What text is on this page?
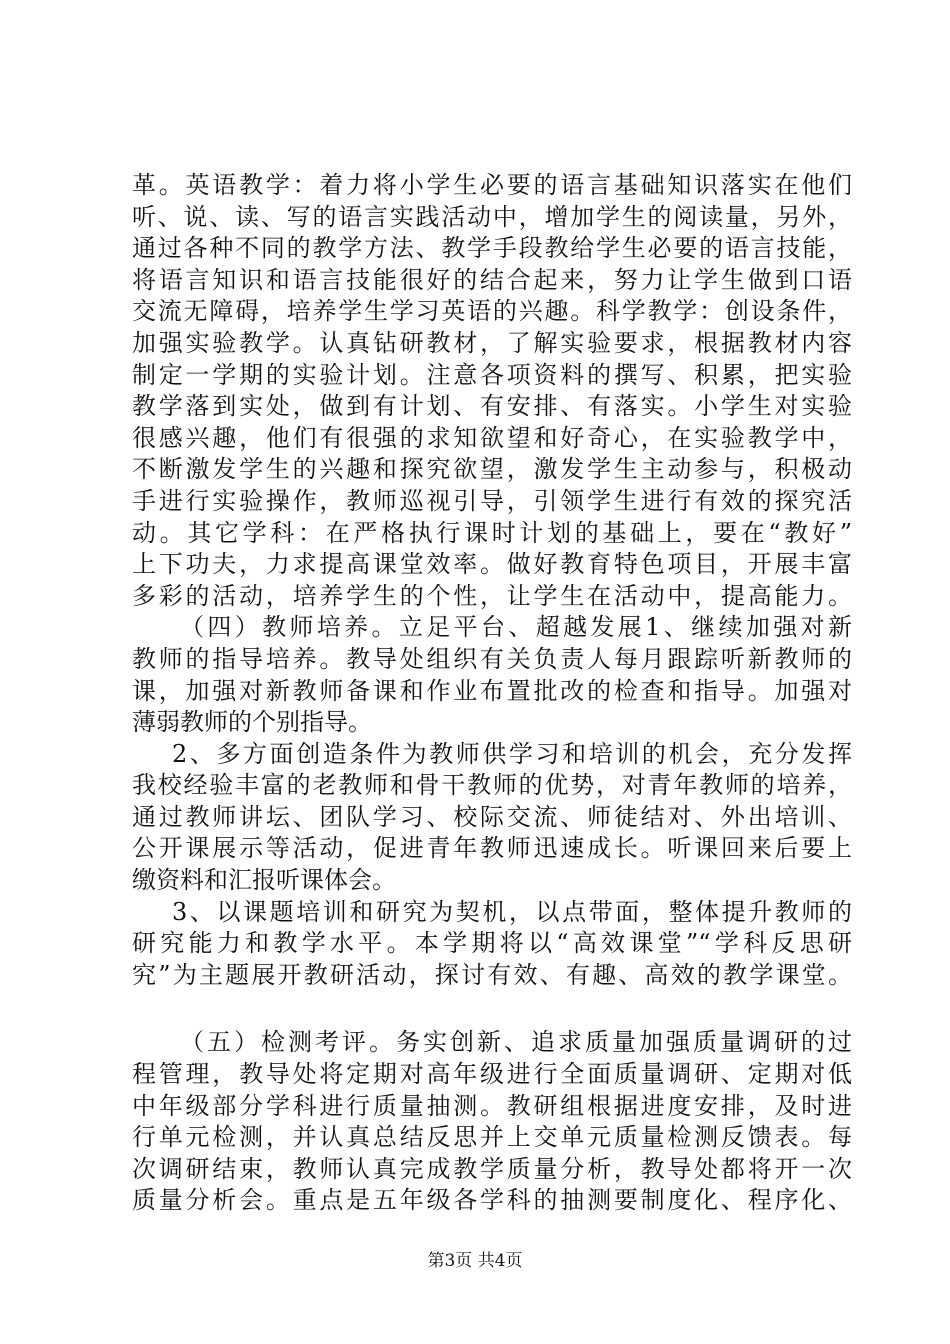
革。英语教学：着力将小学生必要的语言基础知识落实在他们
听、说、读、写的语言实践活动中，增加学生的阅读量，另外，
通过各种不同的教学方法、教学手段教给学生必要的语言技能，
将语言知识和语言技能很好的结合起来，努力让学生做到口语
交流无障碍，培养学生学习英语的兴趣。科学教学：创设条件，
加强实验教学。认真钻研教材，了解实验要求，根据教材内容
制定一学期的实验计划。注意各项资料的撰写、积累，把实验
教学落到实处，做到有计划、有安排、有落实。小学生对实验
很感兴趣，他们有很强的求知欲望和好奇心，在实验教学中，
不断激发学生的兴趣和探究欲望，激发学生主动参与，积极动
手进行实验操作，教师巡视引导，引领学生进行有效的探究活
动。其它学科：在严格执行课时计划的基础上，要在“教好”
上下功夫，力求提高课堂效率。做好教育特色项目，开展丰富
多彩的活动，培养学生的个性，让学生在活动中，提高能力。
（四）教师培养。立足平台、超越发展1、继续加强对新
教师的指导培养。教导处组织有关负责人每月跟踪听新教师的
课，加强对新教师备课和作业布置批改的检查和指导。加强对
薄弱教师的个别指导。
2、多方面创造条件为教师供学习和培训的机会，充分发挥
我校经验丰富的老教师和骨干教师的优势，对青年教师的培养，
通过教师讲坛、团队学习、校际交流、师徒结对、外出培训、
公开课展示等活动，促进青年教师迅速成长。听课回来后要上
缴资料和汇报听课体会。
3、以课题培训和研究为契机，以点带面，整体提升教师的
研究能力和教学水平。本学期将以“高效课堂”“学科反思研
究”为主题展开教研活动，探讨有效、有趣、高效的教学课堂。
（五）检测考评。务实创新、追求质量加强质量调研的过
程管理，教导处将定期对高年级进行全面质量调研、定期对低
中年级部分学科进行质量抽测。教研组根据进度安排，及时进
行单元检测，并认真总结反思并上交单元质量检测反馈表。每
次调研结束，教师认真完成教学质量分析，教导处都将开一次
质量分析会。重点是五年级各学科的抽测要制度化、程序化、
第3页 共4页
